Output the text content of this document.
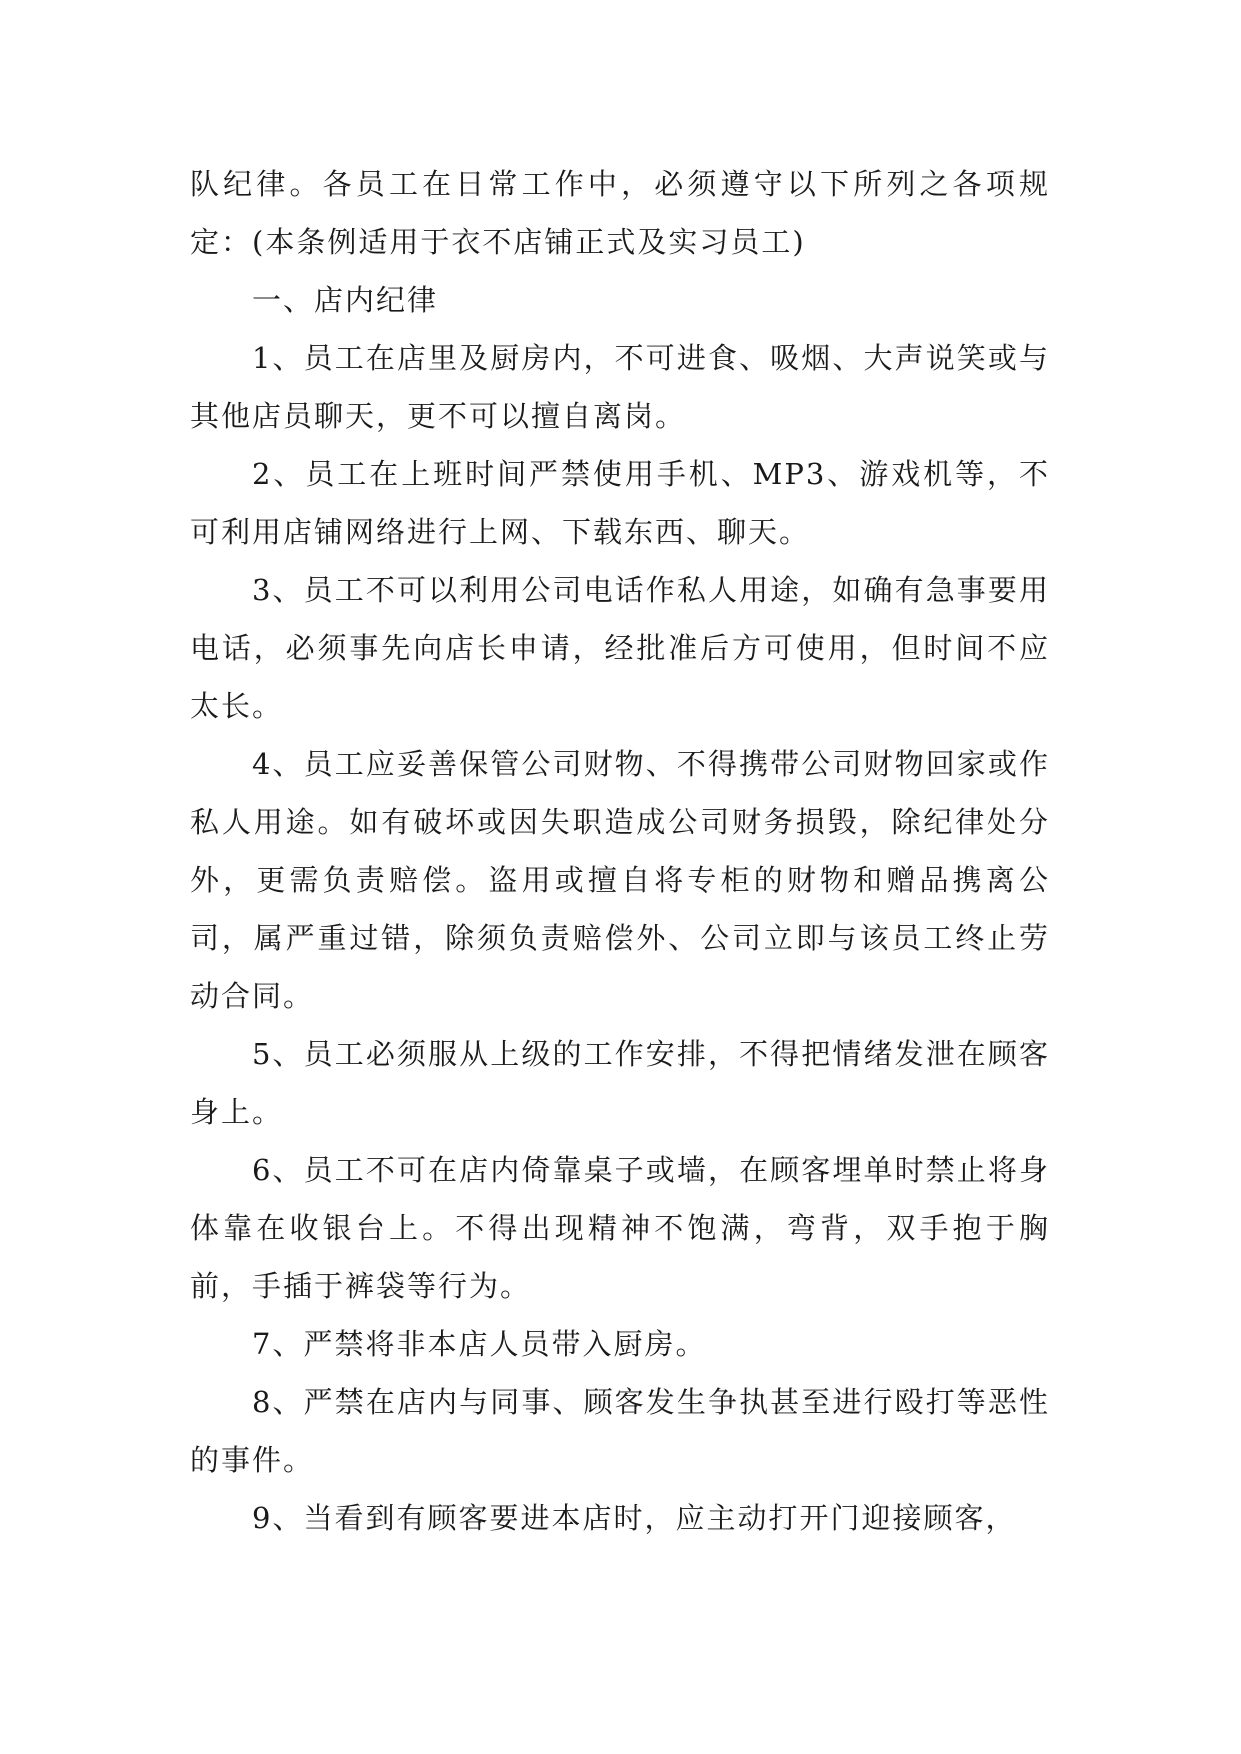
队纪律。各员工在日常工作中，必须遵守以下所列之各项规定：(本条例适用于衣不店铺正式及实习员工)

一、店内纪律

1、员工在店里及厨房内，不可进食、吸烟、大声说笑或与其他店员聊天，更不可以擅自离岗。

2、员工在上班时间严禁使用手机、MP3、游戏机等，不可利用店铺网络进行上网、下载东西、聊天。

3、员工不可以利用公司电话作私人用途，如确有急事要用电话，必须事先向店长申请，经批准后方可使用，但时间不应太长。

4、员工应妥善保管公司财物、不得携带公司财物回家或作私人用途。如有破坏或因失职造成公司财务损毁，除纪律处分外，更需负责赔偿。盗用或擅自将专柜的财物和赠品携离公司，属严重过错，除须负责赔偿外、公司立即与该员工终止劳动合同。

5、员工必须服从上级的工作安排，不得把情绪发泄在顾客身上。

6、员工不可在店内倚靠桌子或墙，在顾客埋单时禁止将身体靠在收银台上。不得出现精神不饱满，弯背，双手抱于胸前，手插于裤袋等行为。

7、严禁将非本店人员带入厨房。

8、严禁在店内与同事、顾客发生争执甚至进行殴打等恶性的事件。

9、当看到有顾客要进本店时，应主动打开门迎接顾客，
